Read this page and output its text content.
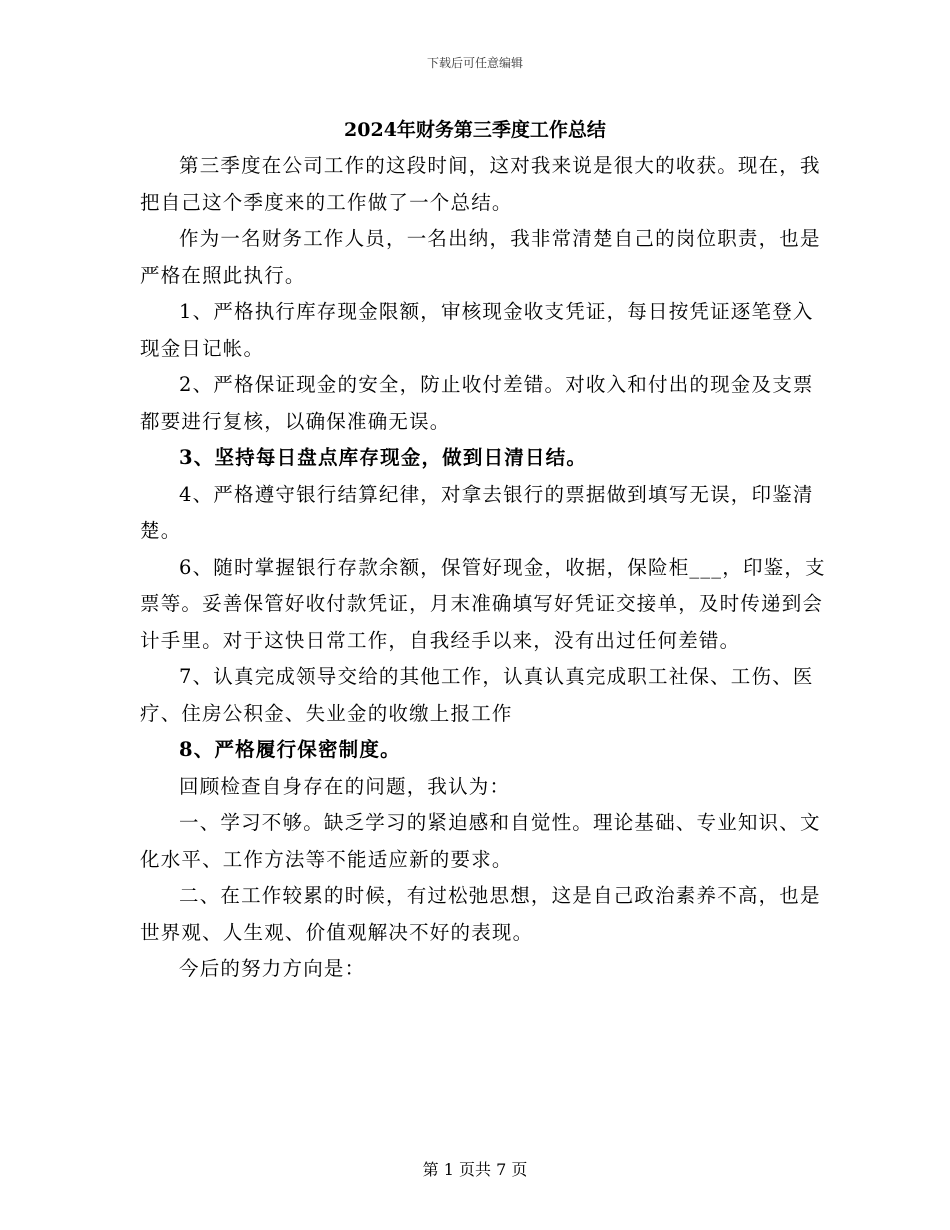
下载后可任意编辑
2024年财务第三季度工作总结

第三季度在公司工作的这段时间，这对我来说是很大的收获。现在，我把自己这个季度来的工作做了一个总结。

作为一名财务工作人员，一名出纳，我非常清楚自己的岗位职责，也是严格在照此执行。

1、严格执行库存现金限额，审核现金收支凭证，每日按凭证逐笔登入现金日记帐。

2、严格保证现金的安全，防止收付差错。对收入和付出的现金及支票都要进行复核，以确保准确无误。

3、坚持每日盘点库存现金，做到日清日结。

4、严格遵守银行结算纪律，对拿去银行的票据做到填写无误，印鉴清楚。

6、随时掌握银行存款余额，保管好现金，收据，保险柜___，印鉴，支票等。妥善保管好收付款凭证，月末准确填写好凭证交接单，及时传递到会计手里。对于这快日常工作，自我经手以来，没有出过任何差错。

7、认真完成领导交给的其他工作，认真认真完成职工社保、工伤、医疗、住房公积金、失业金的收缴上报工作

8、严格履行保密制度。

回顾检查自身存在的问题，我认为：

一、学习不够。缺乏学习的紧迫感和自觉性。理论基础、专业知识、文化水平、工作方法等不能适应新的要求。

二、在工作较累的时候，有过松弛思想，这是自己政治素养不高，也是世界观、人生观、价值观解决不好的表现。

今后的努力方向是：

第 1 页共 7 页
